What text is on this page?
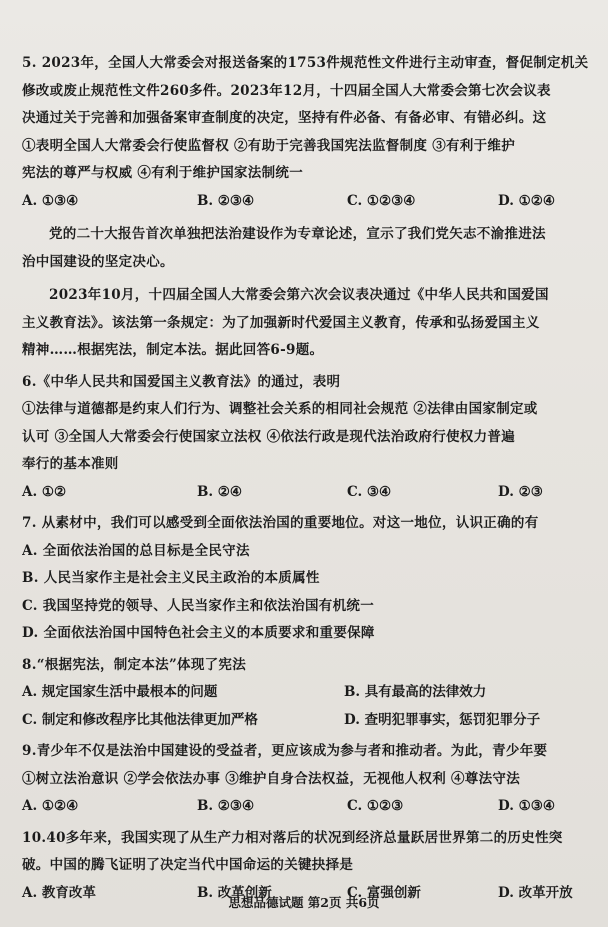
5. 2023年，全国人大常委会对报送备案的1753件规范性文件进行主动审查，督促制定机关
修改或废止规范性文件260多件。2023年12月，十四届全国人大常委会第七次会议表
决通过关于完善和加强备案审查制度的决定，坚持有件必备、有备必审、有错必纠。这
①表明全国人大常委会行使监督权 ②有助于完善我国宪法监督制度 ③有利于维护
宪法的尊严与权威 ④有利于维护国家法制统一
A. ①③④	B. ②③④	C. ①②③④	D. ①②④
党的二十大报告首次单独把法治建设作为专章论述，宣示了我们党矢志不渝推进法
治中国建设的坚定决心。
2023年10月，十四届全国人大常委会第六次会议表决通过《中华人民共和国爱国
主义教育法》。该法第一条规定：为了加强新时代爱国主义教育，传承和弘扬爱国主义
精神……根据宪法，制定本法。据此回答6-9题。
6.《中华人民共和国爱国主义教育法》的通过，表明
①法律与道德都是约束人们行为、调整社会关系的相同社会规范 ②法律由国家制定或
认可 ③全国人大常委会行使国家立法权 ④依法行政是现代法治政府行使权力普遍
奉行的基本准则
A. ①②	B. ②④	C. ③④	D. ②③
7. 从素材中，我们可以感受到全面依法治国的重要地位。对这一地位，认识正确的有
A. 全面依法治国的总目标是全民守法
B. 人民当家作主是社会主义民主政治的本质属性
C. 我国坚持党的领导、人民当家作主和依法治国有机统一
D. 全面依法治国中国特色社会主义的本质要求和重要保障
8.“根据宪法，制定本法”体现了宪法
A. 规定国家生活中最根本的问题	B. 具有最高的法律效力
C. 制定和修改程序比其他法律更加严格	D. 查明犯罪事实，惩罚犯罪分子
9.青少年不仅是法治中国建设的受益者，更应该成为参与者和推动者。为此，青少年要
①树立法治意识 ②学会依法办事 ③维护自身合法权益，无视他人权利 ④尊法守法
A. ①②④	B. ②③④	C. ①②③	D. ①③④
10.40多年来，我国实现了从生产力相对落后的状况到经济总量跃居世界第二的历史性突
破。中国的腾飞证明了决定当代中国命运的关键抉择是
A. 教育改革	B. 改革创新	C. 富强创新	D. 改革开放
思想品德试题 第2页 共6页
